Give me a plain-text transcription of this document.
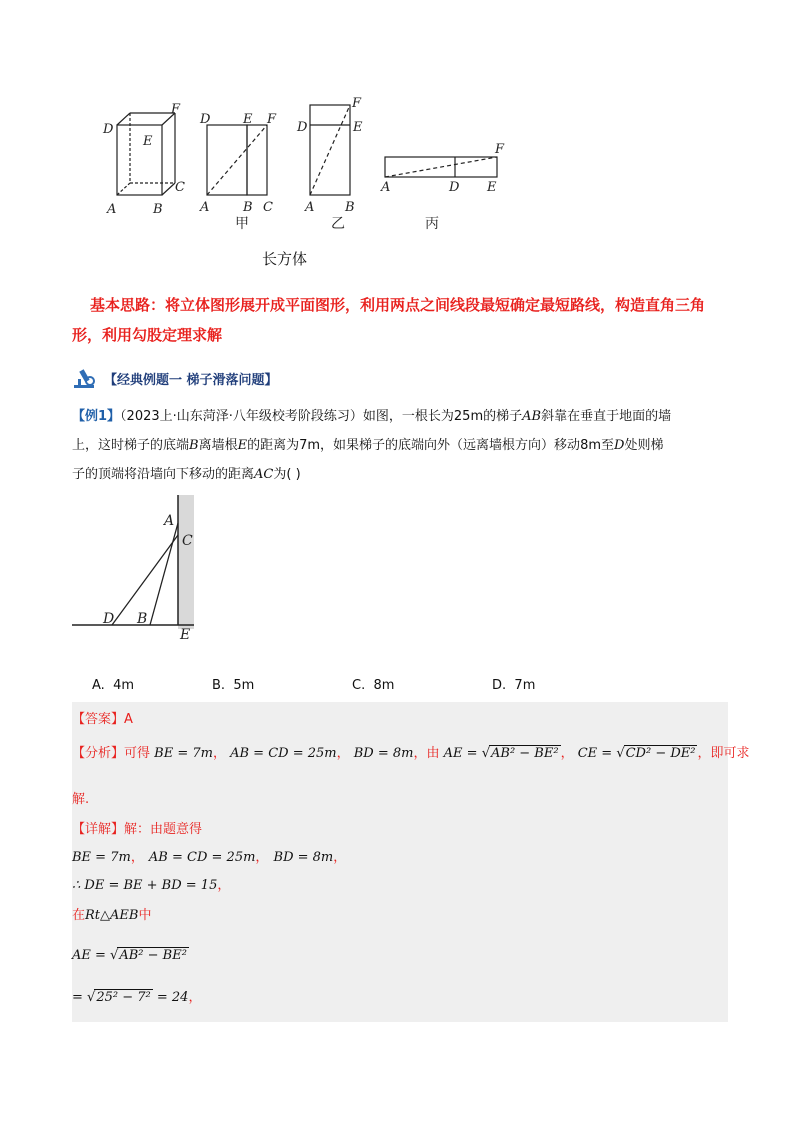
D
E
F
C
A	B
D	E F
A	B C
D
F
E
A B
F
A	D E
甲	乙	丙
长方体
基本思路：将立体图形展开成平面图形，利用两点之间线段最短确定最短路线，构造直角三角形，利用勾股定理求解
【经典例题一 梯子滑落问题】
【例1】（2023上·山东菏泽·八年级校考阶段练习）如图，一根长为25m的梯子AB斜靠在垂直于地面的墙
上，这时梯子的底端B离墙根E的距离为7m，如果梯子的底端向外（远离墙根方向）移动8m至D处则梯
子的顶端将沿墙向下移动的距离AC为( )
A
C
D B
E
A. 4m	B. 5m	C. 8m	D. 7m
【答案】A
【分析】可得 BE = 7m， AB = CD = 25m， BD = 8m，由 AE = √AB² − BE² ， CE = √CD² − DE² ，即可求
解.
【详解】解：由题意得
BE = 7m， AB = CD = 25m， BD = 8m，
∴ DE = BE + BD = 15，
在Rt△AEB中
AE = √AB² − BE²
= √25² − 7² = 24，
